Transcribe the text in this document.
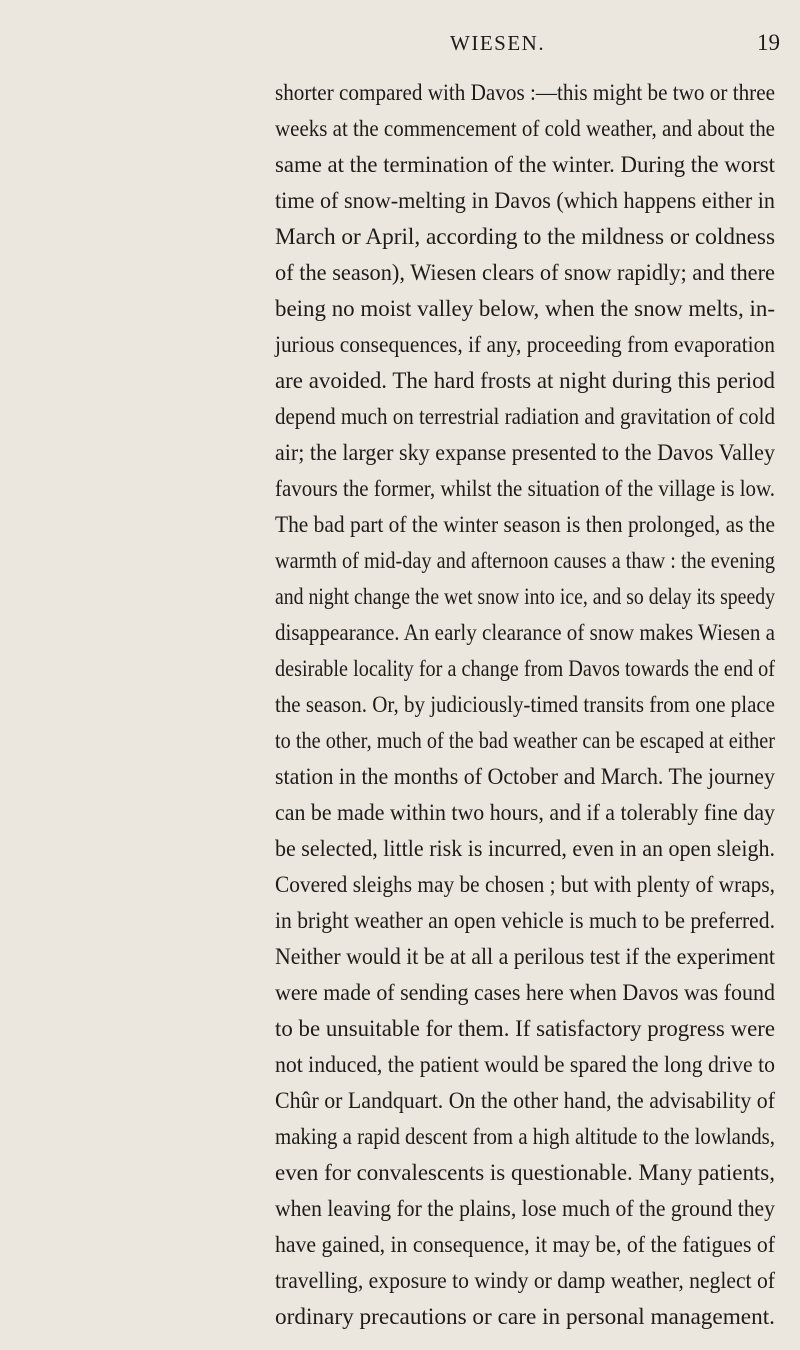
WIESEN.	19
shorter compared with Davos :—this might be two or three
weeks at the commencement of cold weather, and about the
same at the termination of the winter. During the worst
time of snow-melting in Davos (which happens either in
March or April, according to the mildness or coldness
of the season), Wiesen clears of snow rapidly; and there
being no moist valley below, when the snow melts, in-
jurious consequences, if any, proceeding from evaporation
are avoided. The hard frosts at night during this period
depend much on terrestrial radiation and gravitation of cold
air; the larger sky expanse presented to the Davos Valley
favours the former, whilst the situation of the village is low.
The bad part of the winter season is then prolonged, as the
warmth of mid-day and afternoon causes a thaw : the evening
and night change the wet snow into ice, and so delay its speedy
disappearance. An early clearance of snow makes Wiesen a
desirable locality for a change from Davos towards the end of
the season. Or, by judiciously-timed transits from one place
to the other, much of the bad weather can be escaped at either
station in the months of October and March. The journey
can be made within two hours, and if a tolerably fine day
be selected, little risk is incurred, even in an open sleigh.
Covered sleighs may be chosen ; but with plenty of wraps,
in bright weather an open vehicle is much to be preferred.
Neither would it be at all a perilous test if the experiment
were made of sending cases here when Davos was found
to be unsuitable for them. If satisfactory progress were
not induced, the patient would be spared the long drive to
Chûr or Landquart. On the other hand, the advisability of
making a rapid descent from a high altitude to the lowlands,
even for convalescents is questionable. Many patients,
when leaving for the plains, lose much of the ground they
have gained, in consequence, it may be, of the fatigues of
travelling, exposure to windy or damp weather, neglect of
ordinary precautions or care in personal management.
